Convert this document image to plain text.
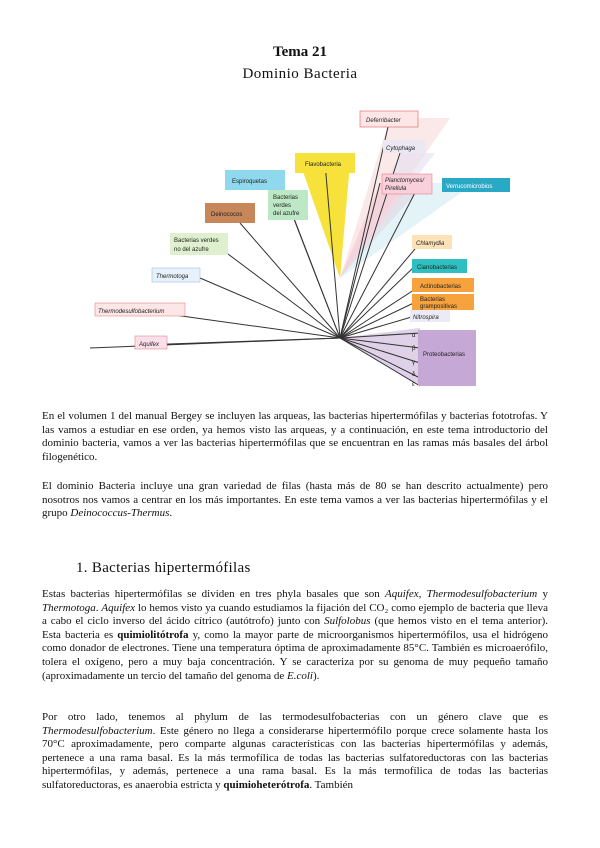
Tema 21
Dominio Bacteria
Deferribacter
Cytophaga
Flavobacteria
Espiroquetas	Planctomyces/
Pirellula	Verrucomicrobios
Deinococos
Bacterias
verdes
del azufre
Bacterias verdes
no del azufre
Chlamydia
Cianobacterias
Thermotoga
Actinobacterias
Bacterias
grampositivas
Thermodesulfobacterium
Nitrospira
Aquifex
Proteobacterias
α
β
γ
δ
ε

En el volumen 1 del manual Bergey se incluyen las arqueas, las bacterias hipertermófilas y bacterias fototrofas. Y las vamos a estudiar en ese orden, ya hemos visto las arqueas, y a continuación, en este tema introductorio del dominio bacteria, vamos a ver las bacterias hipertermófilas que se encuentran en las ramas más basales del árbol filogenético.

El dominio Bacteria incluye una gran variedad de filas (hasta más de 80 se han descrito actualmente) pero nosotros nos vamos a centrar en los más importantes. En este tema vamos a ver las bacterias hipertermófilas y el grupo Deinococcus-Thermus.

1. Bacterias hipertermófilas

Estas bacterias hipertermófilas se dividen en tres phyla basales que son Aquifex, Thermodesulfobacterium y Thermotoga. Aquifex lo hemos visto ya cuando estudiamos la fijación del CO₂ como ejemplo de bacteria que lleva a cabo el ciclo inverso del ácido cítrico (autótrofo) junto con Sulfolobus (que hemos visto en el tema anterior). Esta bacteria es quimiolitótrofa y, como la mayor parte de microorganismos hipertermófilos, usa el hidrógeno como donador de electrones. Tiene una temperatura óptima de aproximadamente 85°C. También es microaerófilo, tolera el oxígeno, pero a muy baja concentración. Y se caracteriza por su genoma de muy pequeño tamaño (aproximadamente un tercio del tamaño del genoma de E.coli).

Por otro lado, tenemos al phylum de las termodesulfobacterias con un género clave que es Thermodesulfobacterium. Este género no llega a considerarse hipertermófilo porque crece solamente hasta los 70°C aproximadamente, pero comparte algunas características con las bacterias hipertermófilas y además, pertenece a una rama basal. Es la más termofílica de todas las bacterias sulfatoreductoras con las bacterias hipertermófilas, y además, pertenece a una rama basal. Es la más termofílica de todas las bacterias sulfatoreductoras, es anaerobia estricta y quimioheterótrofa. También
